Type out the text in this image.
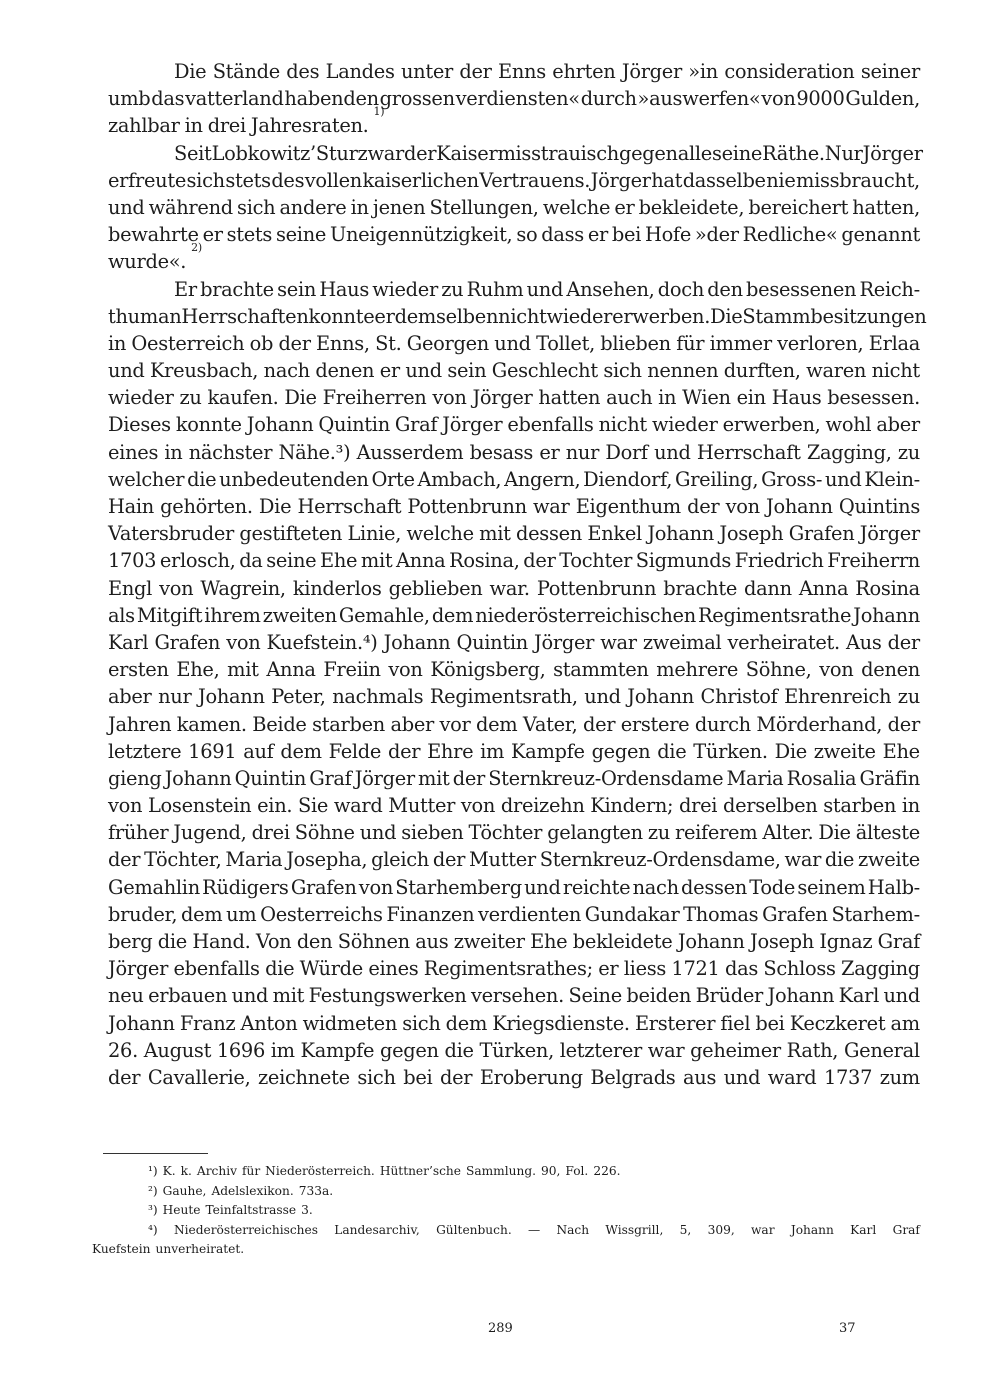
Die Stände des Landes unter der Enns ehrten Jörger »in consideration seiner
umb das vatterland habenden grossen verdiensten« durch »auswerfen« von 9000 Gulden,
zahlbar in drei Jahresraten.
1)
Seit Lobkowitz’ Sturz war der Kaiser misstrauisch gegen alle seine Räthe. Nur Jörger
erfreute sich stets des vollen kaiserlichen Vertrauens. Jörger hat dasselbe nie missbraucht,
und während sich andere in jenen Stellungen, welche er bekleidete, bereichert hatten,
bewahrte er stets seine Uneigennützigkeit, so dass er bei Hofe »der Redliche« genannt
wurde«.
2)
Er brachte sein Haus wieder zu Ruhm und Ansehen, doch den besessenen Reich-
thum an Herrschaften konnte er demselben nicht wieder erwerben. Die Stammbesitzungen
in Oesterreich ob der Enns, St. Georgen und Tollet, blieben für immer verloren, Erlaa
und Kreusbach, nach denen er und sein Geschlecht sich nennen durften, waren nicht
wieder zu kaufen. Die Freiherren von Jörger hatten auch in Wien ein Haus besessen.
Dieses konnte Johann Quintin Graf Jörger ebenfalls nicht wieder erwerben, wohl aber
eines in nächster Nähe.³) Ausserdem besass er nur Dorf und Herrschaft Zagging, zu
welcher die unbedeutenden Orte Ambach, Angern, Diendorf, Greiling, Gross- und Klein-
Hain gehörten. Die Herrschaft Pottenbrunn war Eigenthum der von Johann Quintins
Vatersbruder gestifteten Linie, welche mit dessen Enkel Johann Joseph Grafen Jörger
1703 erlosch, da seine Ehe mit Anna Rosina, der Tochter Sigmunds Friedrich Freiherrn
Engl von Wagrein, kinderlos geblieben war. Pottenbrunn brachte dann Anna Rosina
als Mitgift ihrem zweiten Gemahle, dem niederösterreichischen Regimentsrathe Johann
Karl Grafen von Kuefstein.⁴) Johann Quintin Jörger war zweimal verheiratet. Aus der
ersten Ehe, mit Anna Freiin von Königsberg, stammten mehrere Söhne, von denen
aber nur Johann Peter, nachmals Regimentsrath, und Johann Christof Ehrenreich zu
Jahren kamen. Beide starben aber vor dem Vater, der erstere durch Mörderhand, der
letztere 1691 auf dem Felde der Ehre im Kampfe gegen die Türken. Die zweite Ehe
gieng Johann Quintin Graf Jörger mit der Sternkreuz-Ordensdame Maria Rosalia Gräfin
von Losenstein ein. Sie ward Mutter von dreizehn Kindern; drei derselben starben in
früher Jugend, drei Söhne und sieben Töchter gelangten zu reiferem Alter. Die älteste
der Töchter, Maria Josepha, gleich der Mutter Sternkreuz-Ordensdame, war die zweite
Gemahlin Rüdigers Grafen von Starhemberg und reichte nach dessen Tode seinem Halb-
bruder, dem um Oesterreichs Finanzen verdienten Gundakar Thomas Grafen Starhem-
berg die Hand. Von den Söhnen aus zweiter Ehe bekleidete Johann Joseph Ignaz Graf
Jörger ebenfalls die Würde eines Regimentsrathes; er liess 1721 das Schloss Zagging
neu erbauen und mit Festungswerken versehen. Seine beiden Brüder Johann Karl und
Johann Franz Anton widmeten sich dem Kriegsdienste. Ersterer fiel bei Keczkeret am
26. August 1696 im Kampfe gegen die Türken, letzterer war geheimer Rath, General
der Cavallerie, zeichnete sich bei der Eroberung Belgrads aus und ward 1737 zum
¹) K. k. Archiv für Niederösterreich. Hüttner’sche Sammlung. 90, Fol. 226.
²) Gauhe, Adelslexikon. 733a.
³) Heute Teinfaltstrasse 3.
⁴) Niederösterreichisches Landesarchiv, Gültenbuch. — Nach Wissgrill, 5, 309, war Johann Karl Graf
Kuefstein unverheiratet.
289	37
